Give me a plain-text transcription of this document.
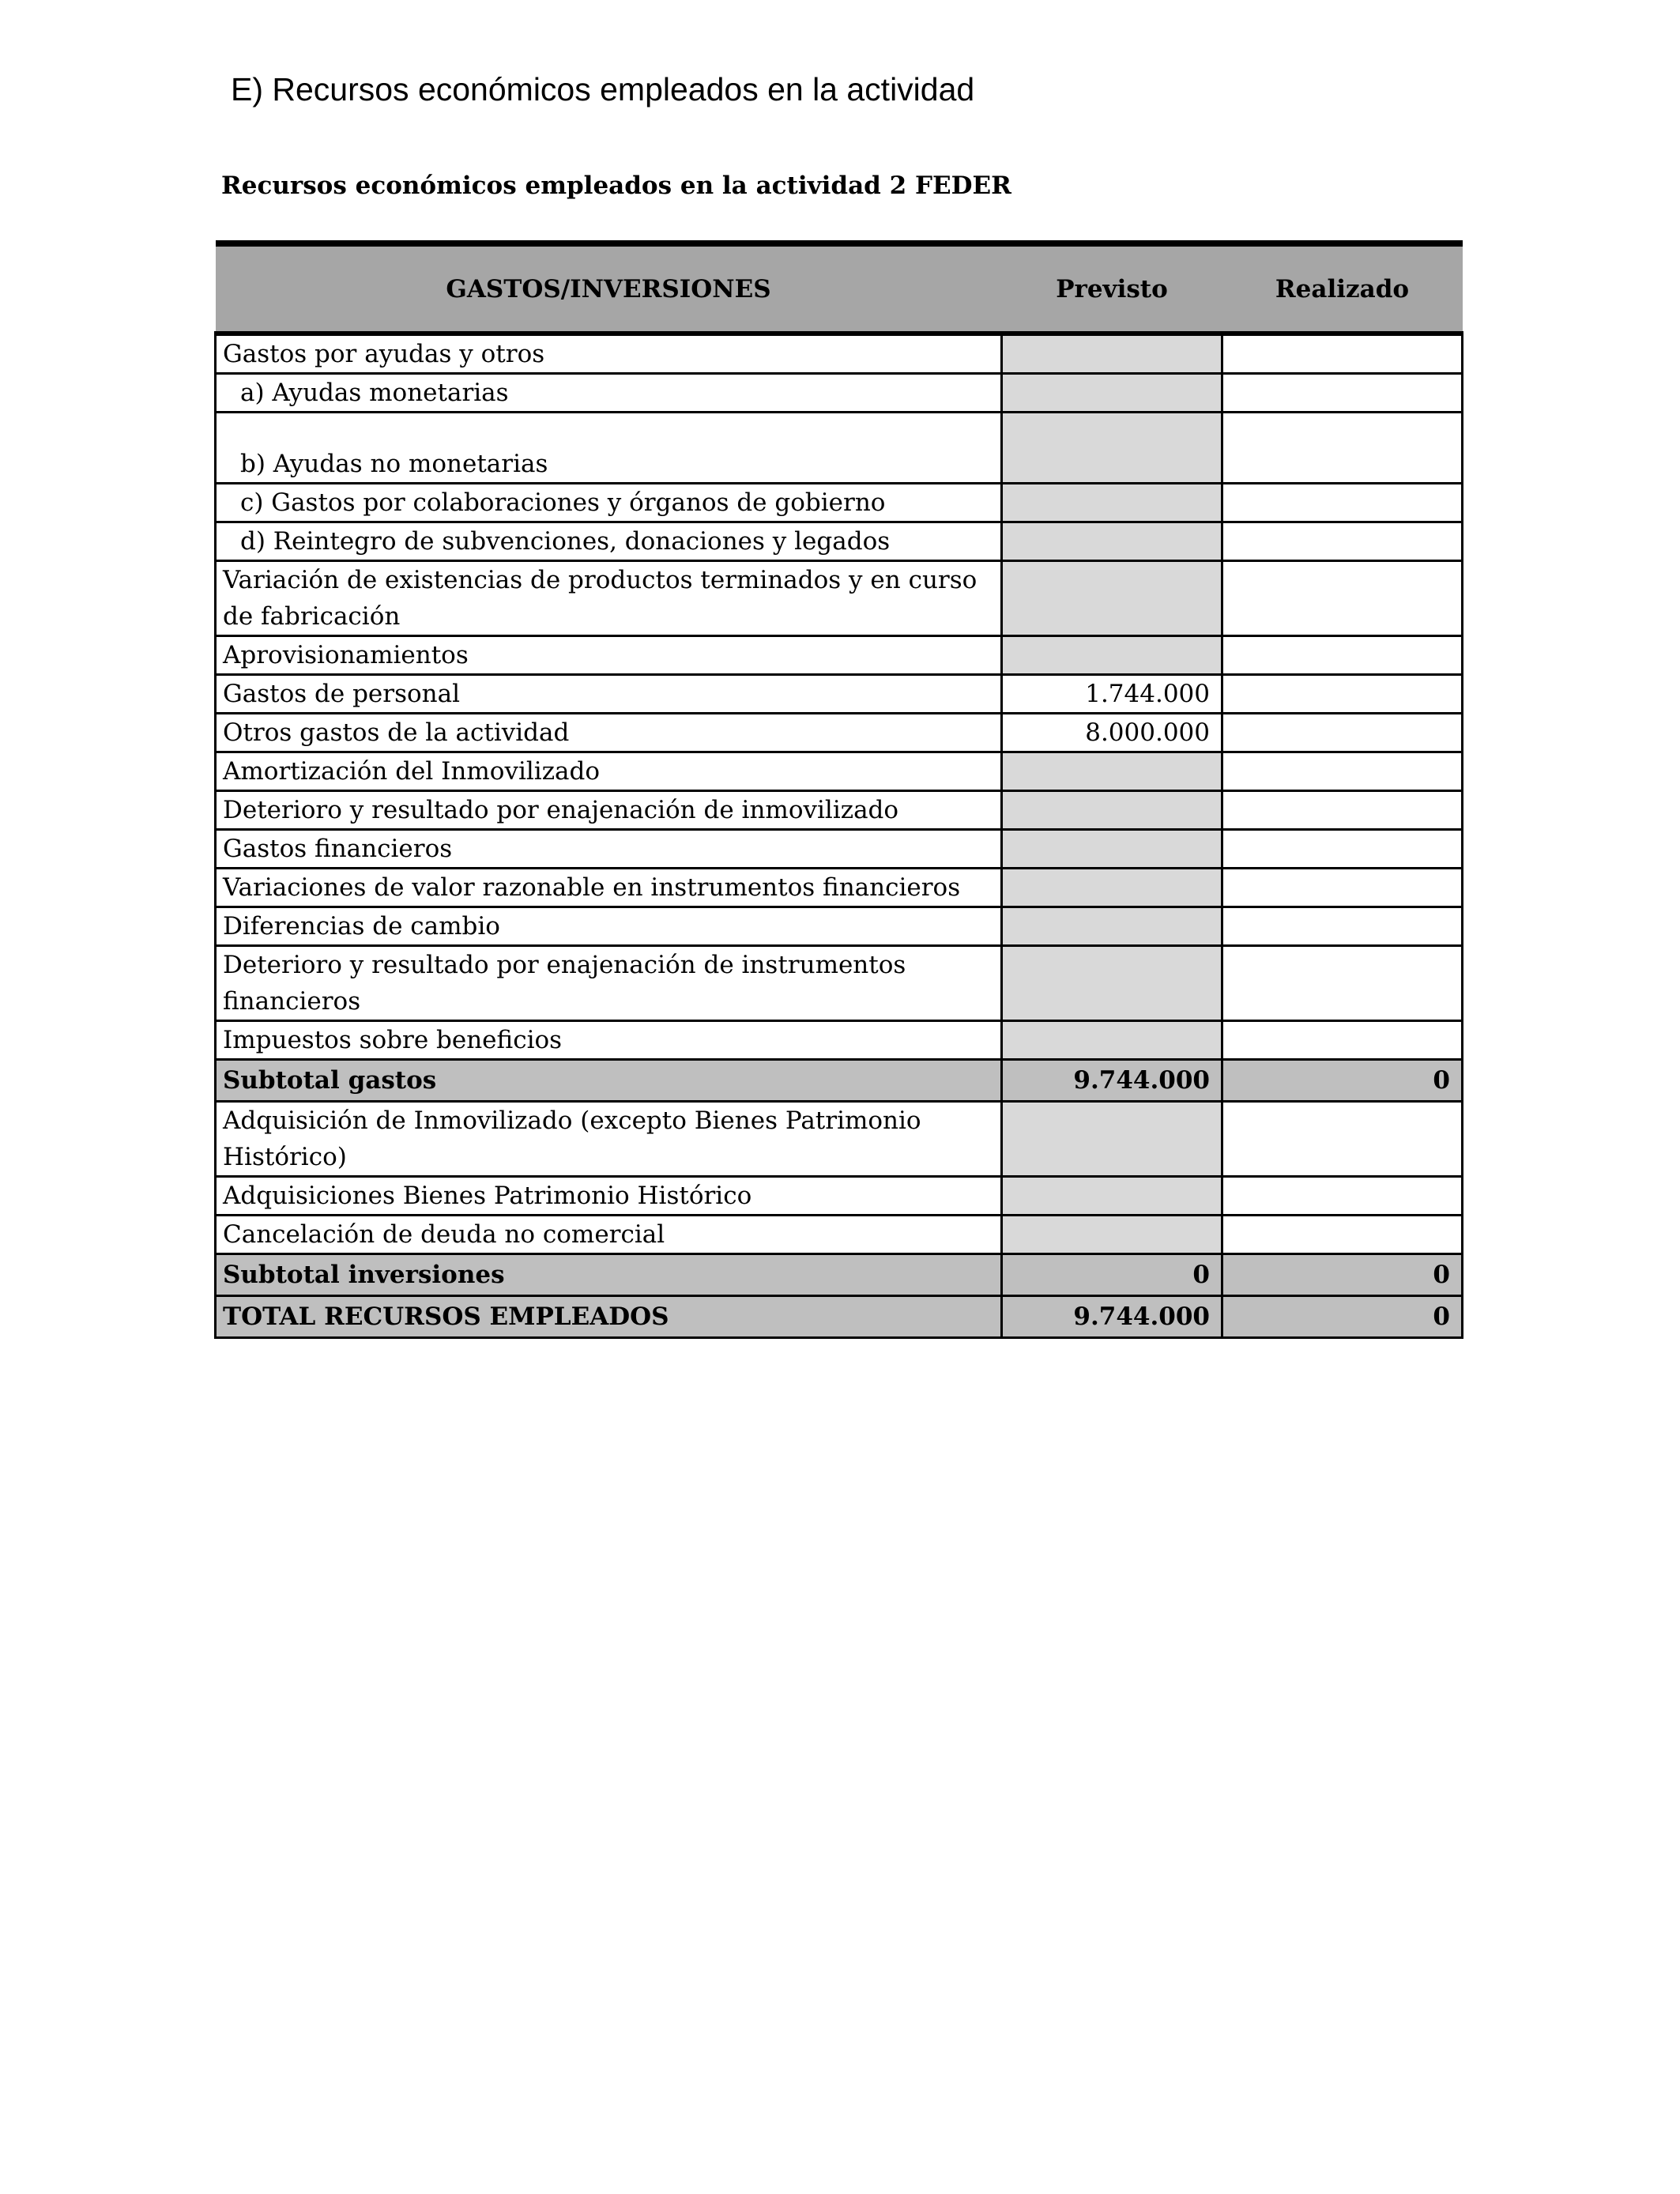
E) Recursos económicos empleados en la actividad
Recursos económicos empleados en la actividad 2 FEDER
GASTOS/INVERSIONES	Previsto	Realizado
Gastos por ayudas y otros		
a) Ayudas monetarias		
b) Ayudas no monetarias		
c) Gastos por colaboraciones y órganos de gobierno		
d) Reintegro de subvenciones, donaciones y legados		
Variación de existencias de productos terminados y en curso de fabricación		
Aprovisionamientos		
Gastos de personal	1.744.000	
Otros gastos de la actividad	8.000.000	
Amortización del Inmovilizado		
Deterioro y resultado por enajenación de inmovilizado		
Gastos financieros		
Variaciones de valor razonable en instrumentos financieros		
Diferencias de cambio		
Deterioro y resultado por enajenación de instrumentos financieros		
Impuestos sobre beneficios		
Subtotal gastos	9.744.000	0
Adquisición de Inmovilizado (excepto Bienes Patrimonio Histórico)		
Adquisiciones Bienes Patrimonio Histórico		
Cancelación de deuda no comercial		
Subtotal inversiones	0	0
TOTAL RECURSOS EMPLEADOS	9.744.000	0
